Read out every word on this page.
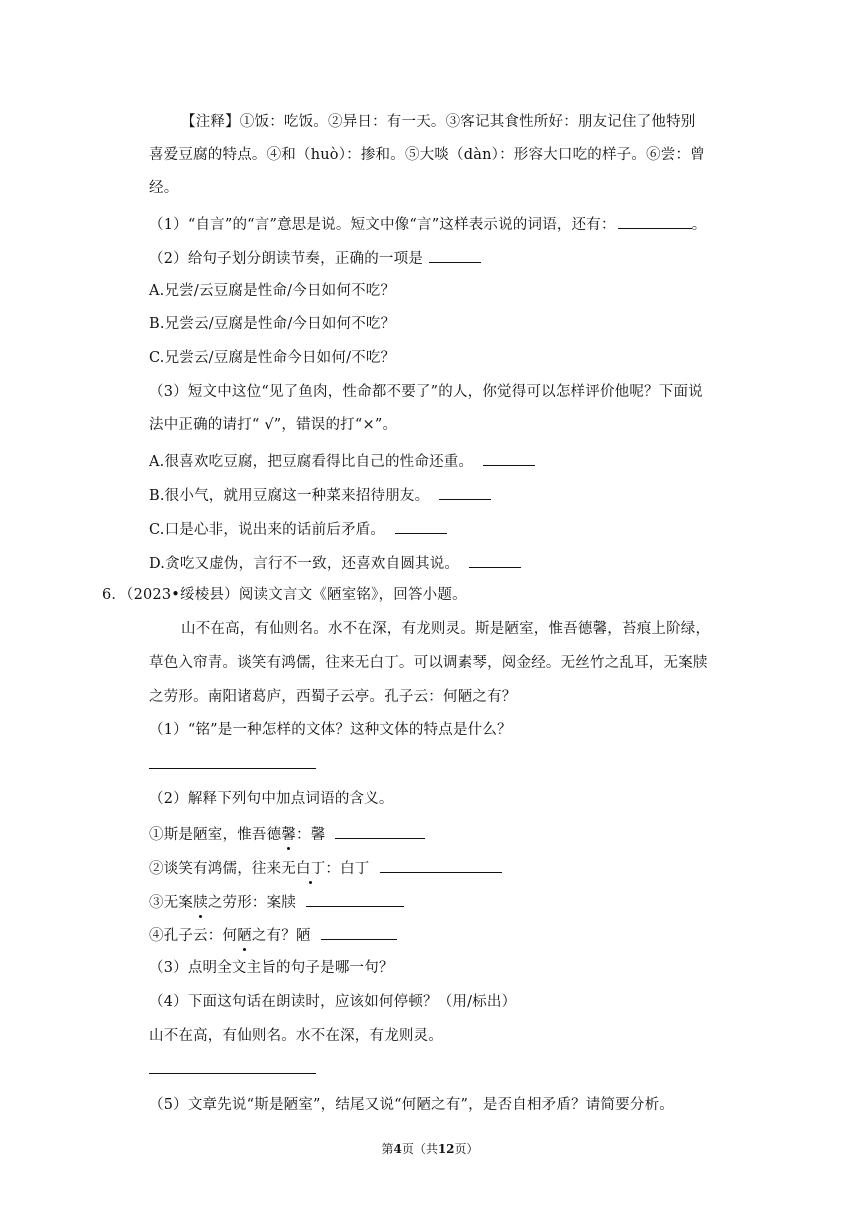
【注释】①饭：吃饭。②异日：有一天。③客记其食性所好：朋友记住了他特别
喜爱豆腐的特点。④和（huò）：掺和。⑤大啖（dàn）：形容大口吃的样子。⑥尝：曾
经。
（1）“自言”的“言”意思是说。短文中像“言”这样表示说的词语，还有：	。
（2）给句子划分朗读节奏，正确的一项是
A.兄尝/云豆腐是性命/今日如何不吃？
B.兄尝云/豆腐是性命/今日如何不吃？
C.兄尝云/豆腐是性命今日如何/不吃？
（3）短文中这位“见了鱼肉，性命都不要了”的人，你觉得可以怎样评价他呢？下面说
法中正确的请打“ √”，错误的打“×”。
A.很喜欢吃豆腐，把豆腐看得比自己的性命还重。
B.很小气，就用豆腐这一种菜来招待朋友。
C.口是心非，说出来的话前后矛盾。
D.贪吃又虚伪，言行不一致，还喜欢自圆其说。
6．（2023•绥棱县）阅读文言文《陋室铭》，回答小题。
山不在高，有仙则名。水不在深，有龙则灵。斯是陋室，惟吾德馨，苔痕上阶绿，
草色入帘青。谈笑有鸿儒，往来无白丁。可以调素琴，阅金经。无丝竹之乱耳，无案牍
之劳形。南阳诸葛庐，西蜀子云亭。孔子云：何陋之有？
（1）“铭”是一种怎样的文体？这种文体的特点是什么？
（2）解释下列句中加点词语的含义。
①斯是陋室，惟吾德馨：馨
②谈笑有鸿儒，往来无白丁：白丁
③无案牍之劳形：案牍
④孔子云：何陋之有？陋
（3）点明全文主旨的句子是哪一句？
（4）下面这句话在朗读时，应该如何停顿？（用/标出）
山不在高，有仙则名。水不在深，有龙则灵。
（5）文章先说“斯是陋室”，结尾又说“何陋之有”，是否自相矛盾？请简要分析。
第4页（共12页）
